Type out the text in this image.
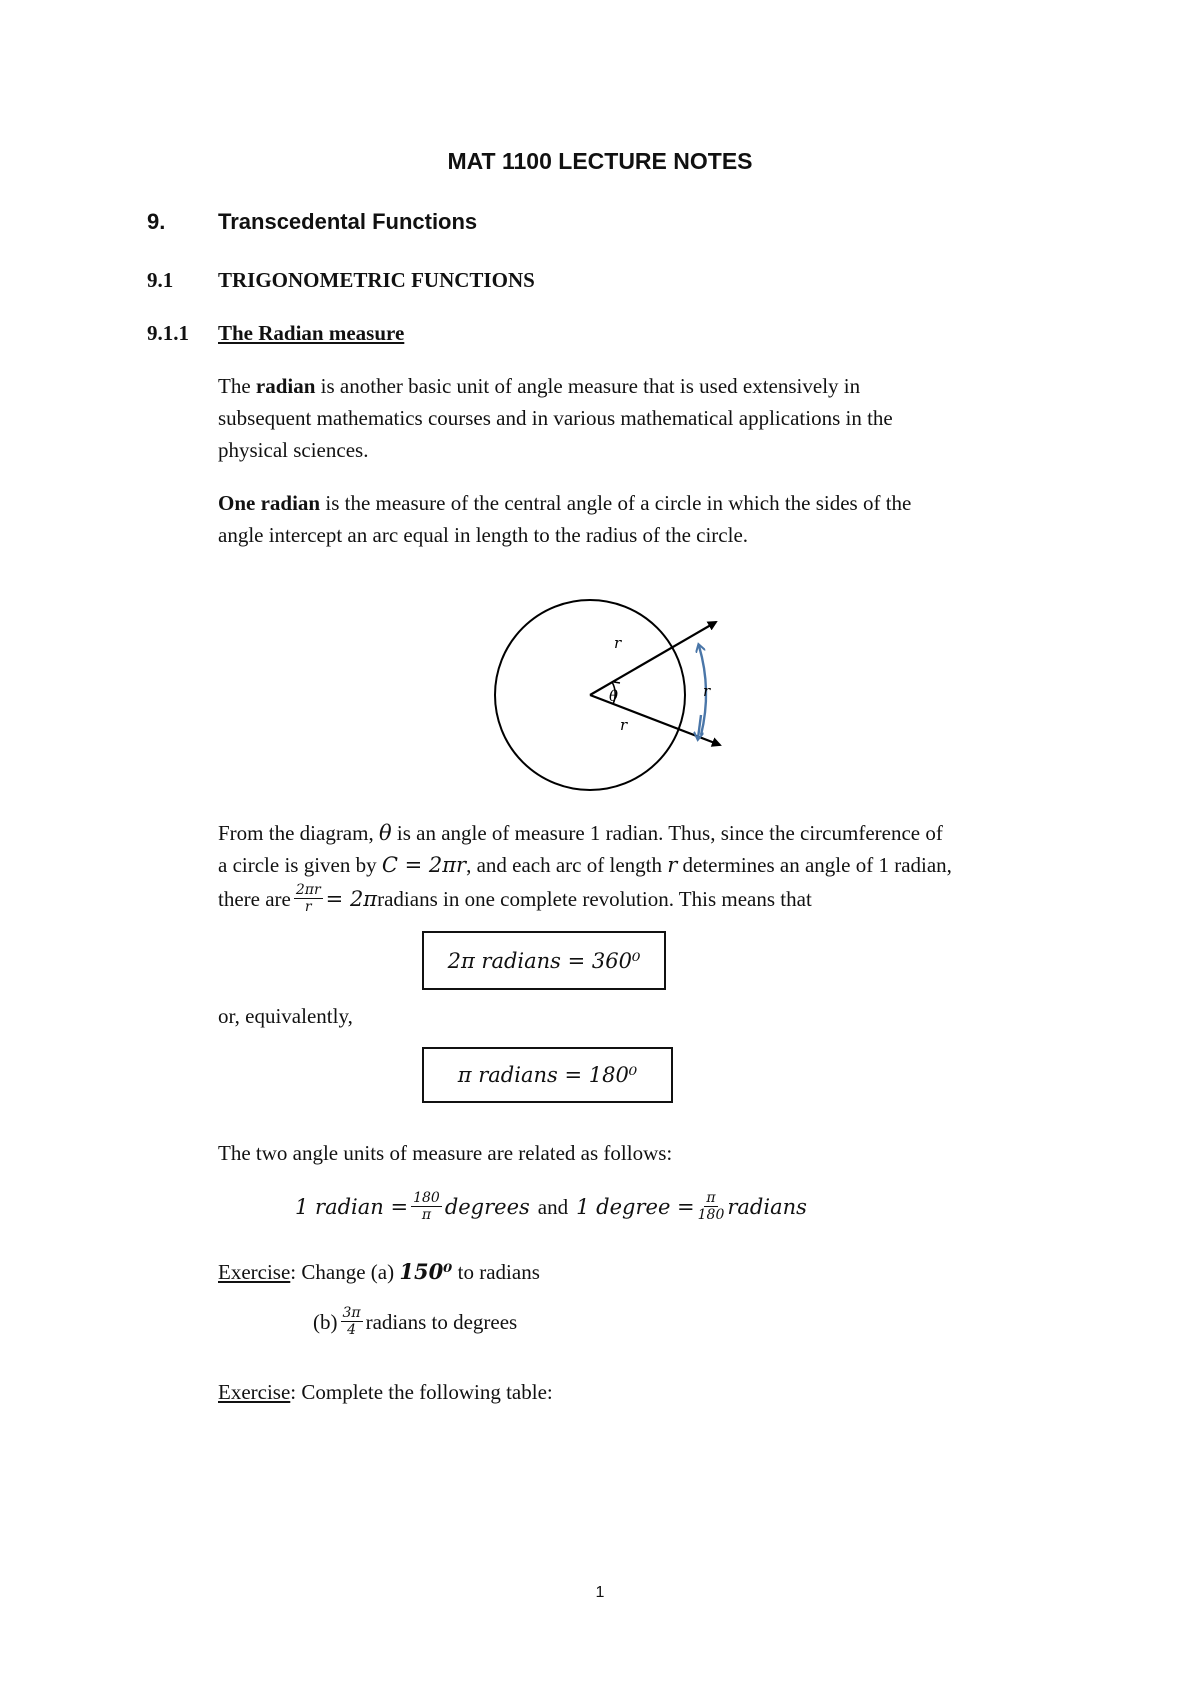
MAT 1100 LECTURE NOTES
9. Transcedental Functions
9.1 TRIGONOMETRIC FUNCTIONS
9.1.1 The Radian measure
The radian is another basic unit of angle measure that is used extensively in
subsequent mathematics courses and in various mathematical applications in the
physical sciences.
One radian is the measure of the central angle of a circle in which the sides of the
angle intercept an arc equal in length to the radius of the circle.
r
r
r
θ
From the diagram, θ is an angle of measure 1 radian. Thus, since the circumference of
a circle is given by C = 2πr, and each arc of length r determines an angle of 1 radian,
there are $\frac{2\pi r}{r} = 2\pi$ radians in one complete revolution. This means that
2π radians = 360⁰
or, equivalently,
π radians = 180⁰
The two angle units of measure are related as follows:
1 radian = $\frac{180}{\pi}$ degrees and 1 degree = $\frac{\pi}{180}$ radians
Exercise: Change (a) 150⁰ to radians
$(b) \frac{3\pi}{4}$ radians to degrees
Exercise: Complete the following table:
1
